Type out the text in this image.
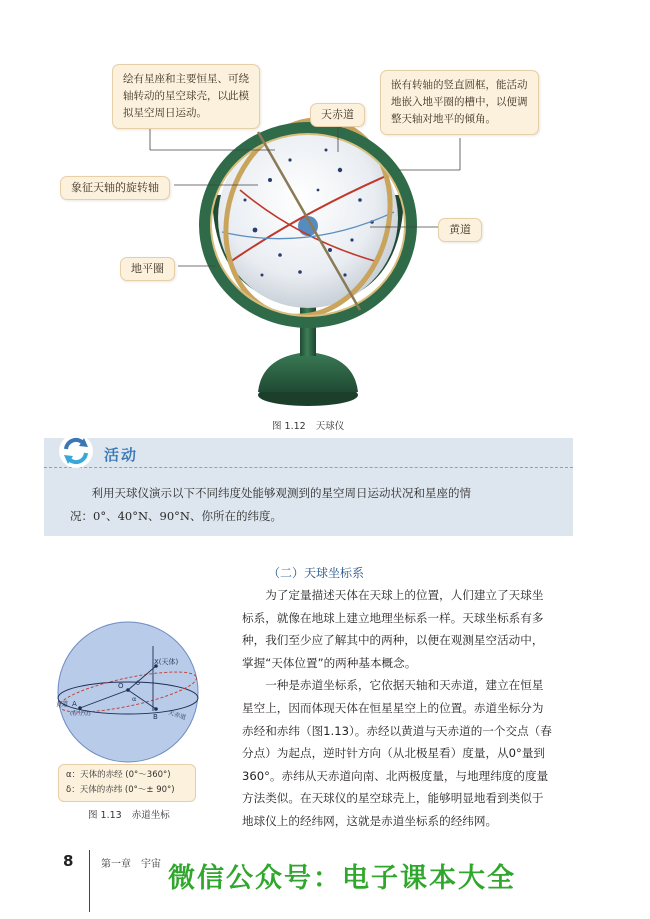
绘有星座和主要恒星、可绕
轴转动的星空球壳，以此模
拟星空周日运动。
嵌有转轴的竖直圆框，能活动
地嵌入地平圈的槽中，以便调
整天轴对地平的倾角。
天赤道
象征天轴的旋转轴
黄道
地平圈
图 1.12 天球仪
活动
利用天球仪演示以下不同纬度处能够观测到的星空周日运动状况和星座的情
况：0°、40°N、90°N、你所在的纬度。
（二）天球坐标系
为了定量描述天体在天球上的位置，人们建立了天球坐
标系，就像在地球上建立地理坐标系一样。天球坐标系有多
种，我们至少应了解其中的两种，以便在观测星空活动中，
掌握“天体位置”的两种基本概念。
一种是赤道坐标系，它依据天轴和天赤道，建立在恒星
星空上，因而体现天体在恒星星空上的位置。赤道坐标分为
赤经和赤纬（图1.13）。赤经以黄道与天赤道的一个交点（春
分点）为起点，逆时针方向（从北极星看）度量，从0°量到
360°。赤纬从天赤道向南、北两极度量，与地理纬度的度量
方法类似。在天球仪的星空球壳上，能够明显地看到类似于
地球仪上的经纬网，这就是赤道坐标系的经纬网。
X(天体)
O δ
α
B
A
黄道
(春分点)	天赤道
α：天体的赤经 (0°～360°)
δ：天体的赤纬 (0°～± 90°)
图 1.13 赤道坐标
8	第一章　宇宙 微信公众号：电子课本大全
